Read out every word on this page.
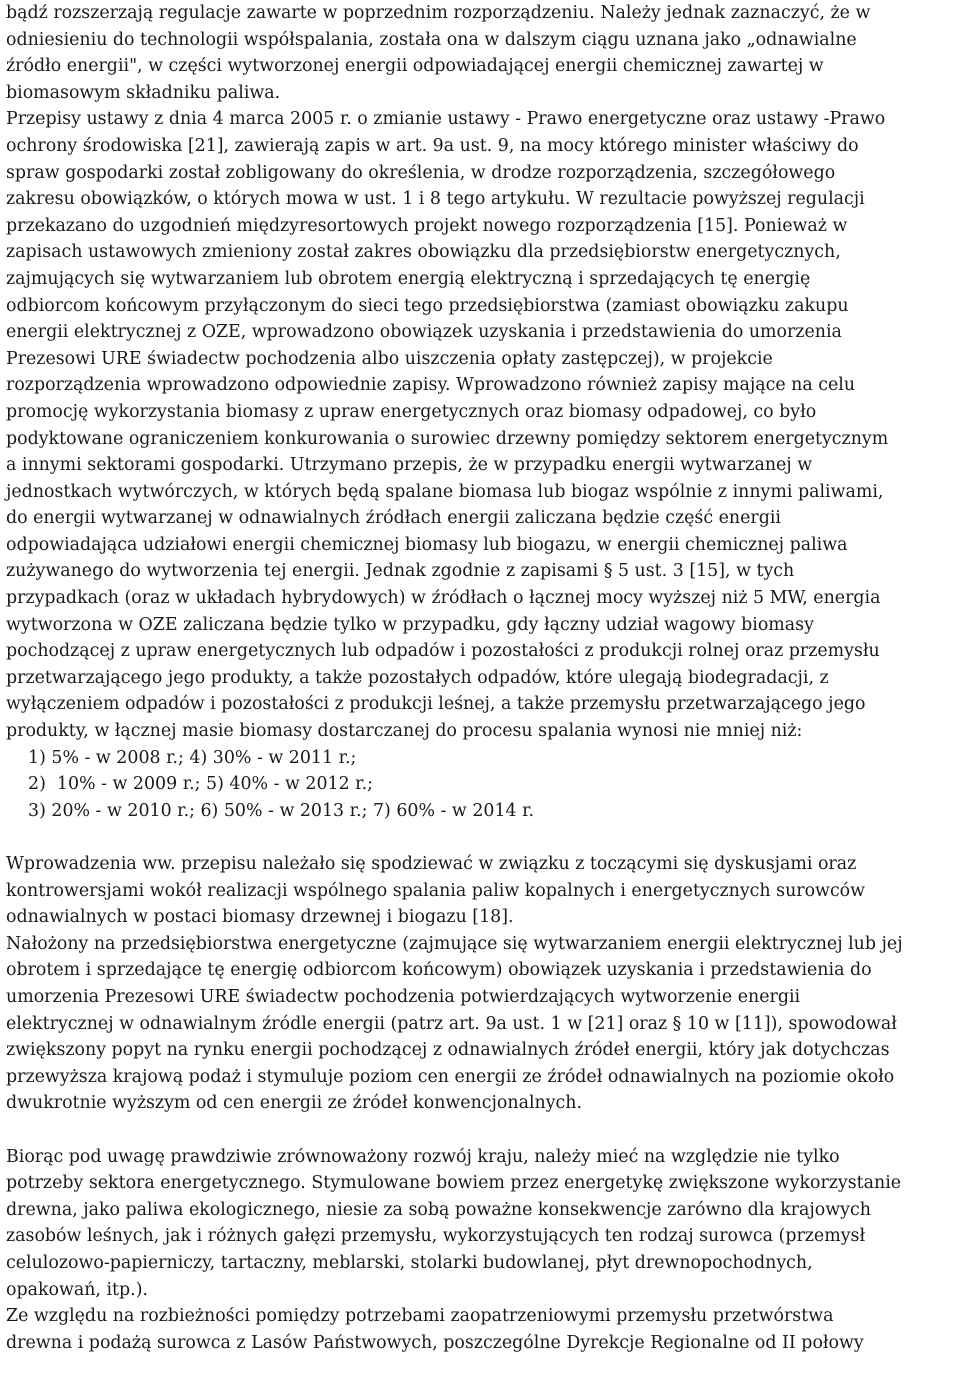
bądź rozszerzają regulacje zawarte w poprzednim rozporządzeniu. Należy jednak zaznaczyć, że w
odniesieniu do technologii współspalania, została ona w dalszym ciągu uznana jako „odnawialne
źródło energii", w części wytworzonej energii odpowiadającej energii chemicznej zawartej w
biomasowym składniku paliwa.
Przepisy ustawy z dnia 4 marca 2005 r. o zmianie ustawy - Prawo energetyczne oraz ustawy -Prawo
ochrony środowiska [21], zawierają zapis w art. 9a ust. 9, na mocy którego minister właściwy do
spraw gospodarki został zobligowany do określenia, w drodze rozporządzenia, szczegółowego
zakresu obowiązków, o których mowa w ust. 1 i 8 tego artykułu. W rezultacie powyższej regulacji
przekazano do uzgodnień międzyresortowych projekt nowego rozporządzenia [15]. Ponieważ w
zapisach ustawowych zmieniony został zakres obowiązku dla przedsiębiorstw energetycznych,
zajmujących się wytwarzaniem lub obrotem energią elektryczną i sprzedających tę energię
odbiorcom końcowym przyłączonym do sieci tego przedsiębiorstwa (zamiast obowiązku zakupu
energii elektrycznej z OZE, wprowadzono obowiązek uzyskania i przedstawienia do umorzenia
Prezesowi URE świadectw pochodzenia albo uiszczenia opłaty zastępczej), w projekcie
rozporządzenia wprowadzono odpowiednie zapisy. Wprowadzono również zapisy mające na celu
promocję wykorzystania biomasy z upraw energetycznych oraz biomasy odpadowej, co było
podyktowane ograniczeniem konkurowania o surowiec drzewny pomiędzy sektorem energetycznym
a innymi sektorami gospodarki. Utrzymano przepis, że w przypadku energii wytwarzanej w
jednostkach wytwórczych, w których będą spalane biomasa lub biogaz wspólnie z innymi paliwami,
do energii wytwarzanej w odnawialnych źródłach energii zaliczana będzie część energii
odpowiadająca udziałowi energii chemicznej biomasy lub biogazu, w energii chemicznej paliwa
zużywanego do wytworzenia tej energii. Jednak zgodnie z zapisami § 5 ust. 3 [15], w tych
przypadkach (oraz w układach hybrydowych) w źródłach o łącznej mocy wyższej niż 5 MW, energia
wytworzona w OZE zaliczana będzie tylko w przypadku, gdy łączny udział wagowy biomasy
pochodzącej z upraw energetycznych lub odpadów i pozostałości z produkcji rolnej oraz przemysłu
przetwarzającego jego produkty, a także pozostałych odpadów, które ulegają biodegradacji, z
wyłączeniem odpadów i pozostałości z produkcji leśnej, a także przemysłu przetwarzającego jego
produkty, w łącznej masie biomasy dostarczanej do procesu spalania wynosi nie mniej niż:
1) 5% - w 2008 r.; 4) 30% - w 2011 r.;
2)  10% - w 2009 r.; 5) 40% - w 2012 r.;
3) 20% - w 2010 r.; 6) 50% - w 2013 r.; 7) 60% - w 2014 r.
Wprowadzenia ww. przepisu należało się spodziewać w związku z toczącymi się dyskusjami oraz
kontrowersjami wokół realizacji wspólnego spalania paliw kopalnych i energetycznych surowców
odnawialnych w postaci biomasy drzewnej i biogazu [18].
Nałożony na przedsiębiorstwa energetyczne (zajmujące się wytwarzaniem energii elektrycznej lub jej
obrotem i sprzedające tę energię odbiorcom końcowym) obowiązek uzyskania i przedstawienia do
umorzenia Prezesowi URE świadectw pochodzenia potwierdzających wytworzenie energii
elektrycznej w odnawialnym źródle energii (patrz art. 9a ust. 1 w [21] oraz § 10 w [11]), spowodował
zwiększony popyt na rynku energii pochodzącej z odnawialnych źródeł energii, który jak dotychczas
przewyższa krajową podaż i stymuluje poziom cen energii ze źródeł odnawialnych na poziomie około
dwukrotnie wyższym od cen energii ze źródeł konwencjonalnych.
Biorąc pod uwagę prawdziwie zrównoważony rozwój kraju, należy mieć na względzie nie tylko
potrzeby sektora energetycznego. Stymulowane bowiem przez energetykę zwiększone wykorzystanie
drewna, jako paliwa ekologicznego, niesie za sobą poważne konsekwencje zarówno dla krajowych
zasobów leśnych, jak i różnych gałęzi przemysłu, wykorzystujących ten rodzaj surowca (przemysł
celulozowo-papierniczy, tartaczny, meblarski, stolarki budowlanej, płyt drewnopochodnych,
opakowań, itp.).
Ze względu na rozbieżności pomiędzy potrzebami zaopatrzeniowymi przemysłu przetwórstwa
drewna i podażą surowca z Lasów Państwowych, poszczególne Dyrekcje Regionalne od II połowy
